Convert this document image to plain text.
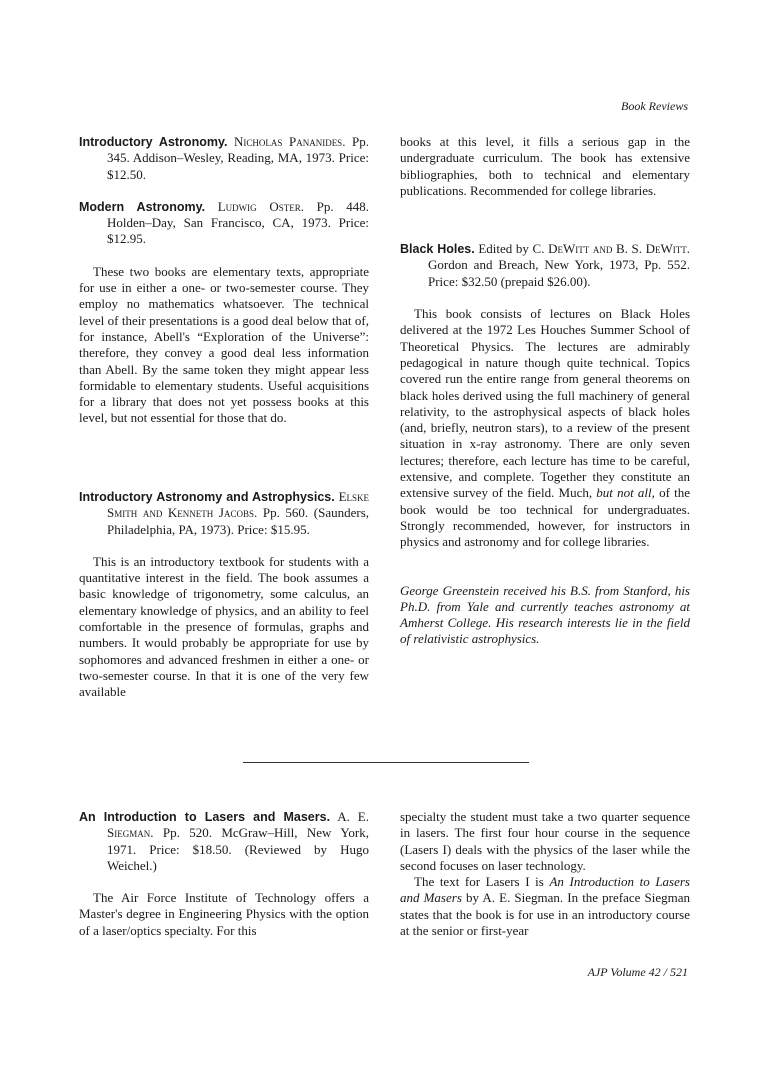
Book Reviews

Introductory Astronomy. Nicholas Pananides. Pp. 345. Addison–Wesley, Reading, MA, 1973. Price: $12.50.

Modern Astronomy. Ludwig Oster. Pp. 448. Holden–Day, San Francisco, CA, 1973. Price: $12.95.

These two books are elementary texts, appropriate for use in either a one- or two-semester course. They employ no mathematics whatsoever. The technical level of their presentations is a good deal below that of, for instance, Abell's “Exploration of the Universe”: therefore, they convey a good deal less information than Abell. By the same token they might appear less formidable to elementary students. Useful acquisitions for a library that does not yet possess books at this level, but not essential for those that do.

Introductory Astronomy and Astrophysics. Elske Smith and Kenneth Jacobs. Pp. 560. (Saunders, Philadelphia, PA, 1973). Price: $15.95.

This is an introductory textbook for students with a quantitative interest in the field. The book assumes a basic knowledge of trigonometry, some calculus, an elementary knowledge of physics, and an ability to feel comfortable in the presence of formulas, graphs and numbers. It would probably be appropriate for use by sophomores and advanced freshmen in either a one- or two-semester course. In that it is one of the very few available

books at this level, it fills a serious gap in the undergraduate curriculum. The book has extensive bibliographies, both to technical and elementary publications. Recommended for college libraries.

Black Holes. Edited by C. DeWitt and B. S. DeWitt. Gordon and Breach, New York, 1973, Pp. 552. Price: $32.50 (prepaid $26.00).

This book consists of lectures on Black Holes delivered at the 1972 Les Houches Summer School of Theoretical Physics. The lectures are admirably pedagogical in nature though quite technical. Topics covered run the entire range from general theorems on black holes derived using the full machinery of general relativity, to the astrophysical aspects of black holes (and, briefly, neutron stars), to a review of the present situation in x-ray astronomy. There are only seven lectures; therefore, each lecture has time to be careful, extensive, and complete. Together they constitute an extensive survey of the field. Much, but not all, of the book would be too technical for undergraduates. Strongly recommended, however, for instructors in physics and astronomy and for college libraries.

George Greenstein received his B.S. from Stanford, his Ph.D. from Yale and currently teaches astronomy at Amherst College. His research interests lie in the field of relativistic astrophysics.

An Introduction to Lasers and Masers. A. E. Siegman. Pp. 520. McGraw–Hill, New York, 1971. Price: $18.50. (Reviewed by Hugo Weichel.)

The Air Force Institute of Technology offers a Master's degree in Engineering Physics with the option of a laser/optics specialty. For this

specialty the student must take a two quarter sequence in lasers. The first four hour course in the sequence (Lasers I) deals with the physics of the laser while the second focuses on laser technology.

The text for Lasers I is An Introduction to Lasers and Masers by A. E. Siegman. In the preface Siegman states that the book is for use in an introductory course at the senior or first-year

AJP Volume 42 / 521
